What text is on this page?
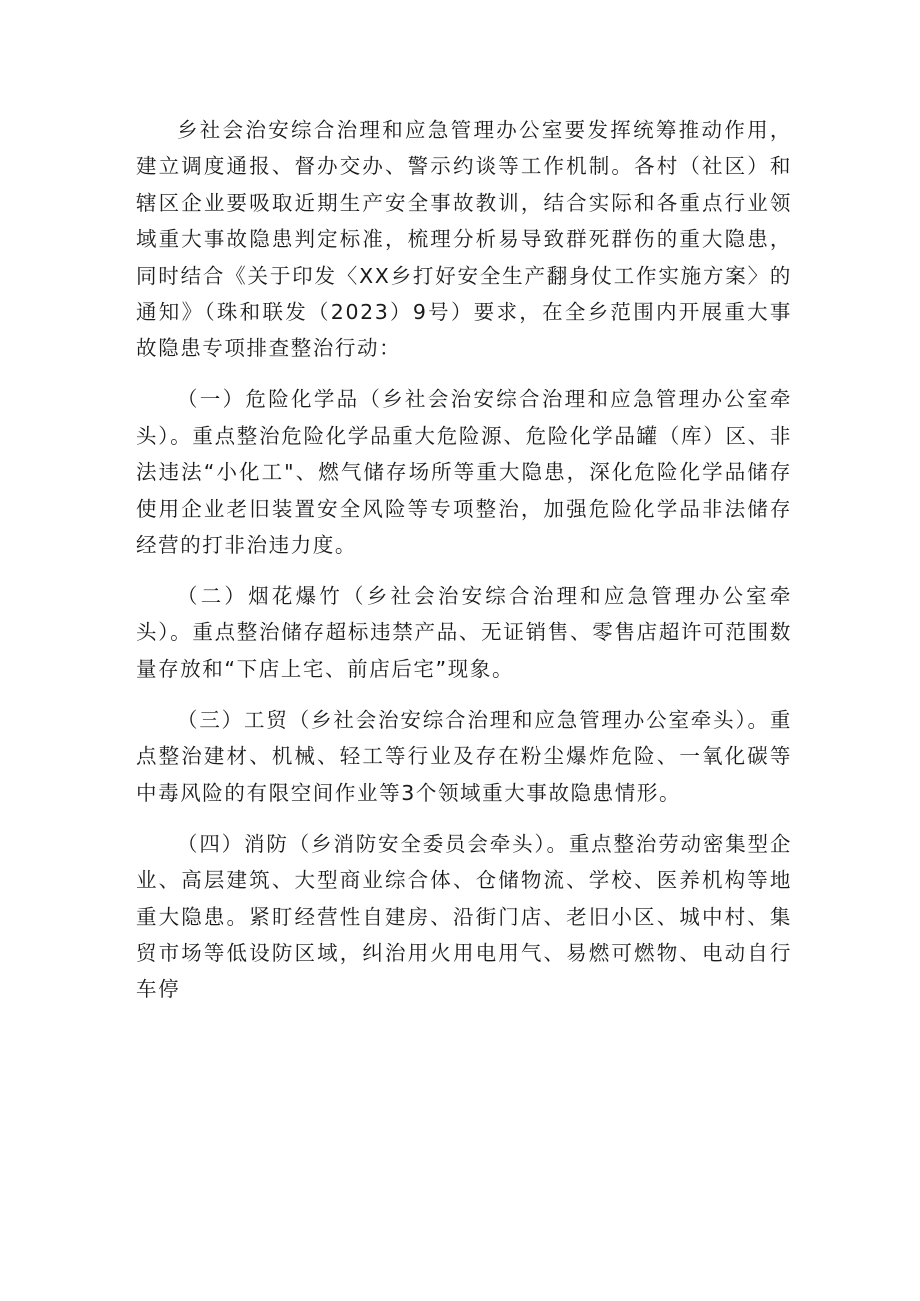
乡社会治安综合治理和应急管理办公室要发挥统筹推动作用，建立调度通报、督办交办、警示约谈等工作机制。各村（社区）和辖区企业要吸取近期生产安全事故教训，结合实际和各重点行业领域重大事故隐患判定标准，梳理分析易导致群死群伤的重大隐患，同时结合《关于印发〈XX乡打好安全生产翻身仗工作实施方案〉的通知》（珠和联发（2023）9号）要求，在全乡范围内开展重大事故隐患专项排查整治行动：

（一）危险化学品（乡社会治安综合治理和应急管理办公室牵头）。重点整治危险化学品重大危险源、危险化学品罐（库）区、非法违法“小化工"、燃气储存场所等重大隐患，深化危险化学品储存使用企业老旧装置安全风险等专项整治，加强危险化学品非法储存经营的打非治违力度。

（二）烟花爆竹（乡社会治安综合治理和应急管理办公室牵头）。重点整治储存超标违禁产品、无证销售、零售店超许可范围数量存放和“下店上宅、前店后宅”现象。

（三）工贸（乡社会治安综合治理和应急管理办公室牵头）。重点整治建材、机械、轻工等行业及存在粉尘爆炸危险、一氧化碳等中毒风险的有限空间作业等3个领域重大事故隐患情形。

（四）消防（乡消防安全委员会牵头）。重点整治劳动密集型企业、高层建筑、大型商业综合体、仓储物流、学校、医养机构等地重大隐患。紧盯经营性自建房、沿街门店、老旧小区、城中村、集贸市场等低设防区域，纠治用火用电用气、易燃可燃物、电动自行车停
